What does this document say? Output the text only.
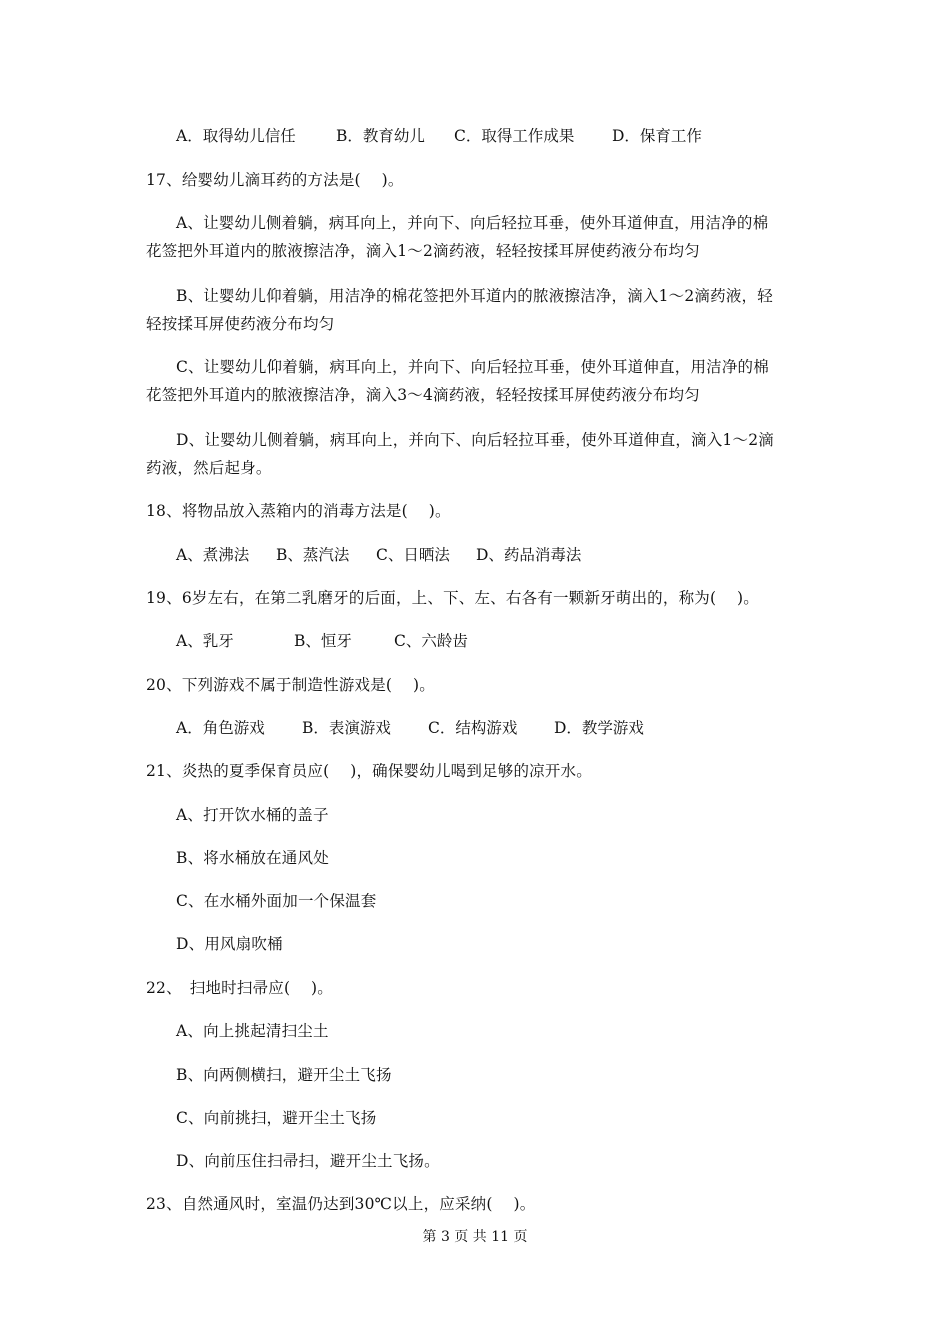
A．取得幼儿信任	B．教育幼儿 C．取得工作成果 D．保育工作
17、给婴幼儿滴耳药的方法是(　 )。
A、让婴幼儿侧着躺，病耳向上，并向下、向后轻拉耳垂，使外耳道伸直，用洁净的棉
花签把外耳道内的脓液擦洁净，滴入1～2滴药液，轻轻按揉耳屏使药液分布均匀
B、让婴幼儿仰着躺，用洁净的棉花签把外耳道内的脓液擦洁净，滴入1～2滴药液，轻
轻按揉耳屏使药液分布均匀
C、让婴幼儿仰着躺，病耳向上，并向下、向后轻拉耳垂，使外耳道伸直，用洁净的棉
花签把外耳道内的脓液擦洁净，滴入3～4滴药液，轻轻按揉耳屏使药液分布均匀
D、让婴幼儿侧着躺，病耳向上，并向下、向后轻拉耳垂，使外耳道伸直，滴入1～2滴
药液，然后起身。
18、将物品放入蒸箱内的消毒方法是(　 )。
A、煮沸法 B、蒸汽法 C、日晒法 D、药品消毒法
19、6岁左右，在第二乳磨牙的后面，上、下、左、右各有一颗新牙萌出的，称为(　 )。
A、乳牙	B、恒牙	C、六龄齿
20、下列游戏不属于制造性游戏是(　 )。
A．角色游戏 B．表演游戏 C．结构游戏 D．教学游戏
21、炎热的夏季保育员应(　 )，确保婴幼儿喝到足够的凉开水。
A、打开饮水桶的盖子
B、将水桶放在通风处
C、在水桶外面加一个保温套
D、用风扇吹桶
22、　扫地时扫帚应(　 )。
A、向上挑起清扫尘土
B、向两侧横扫，避开尘土飞扬
C、向前挑扫，避开尘土飞扬
D、向前压住扫帚扫，避开尘土飞扬。
23、自然通风时，室温仍达到30℃以上，应采纳(　 )。
第 3 页 共 11 页
